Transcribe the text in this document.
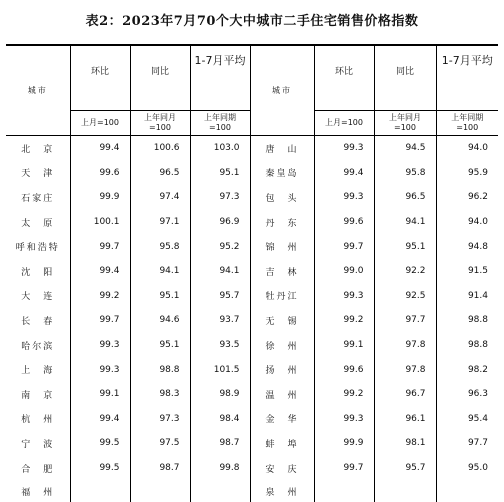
表2：2023年7月70个大中城市二手住宅销售价格指数
城市	环比	同比	1-7月平均	城市	环比	同比	1-7月平均
	上月=100	上年同月=100	上年同期=100		上月=100	上年同月=100	上年同期=100
北　京	99.4	100.6	103.0	唐　山	99.3	94.5	94.0
天　津	99.6	96.5	95.1	秦皇岛	99.4	95.8	95.9
石家庄	99.9	97.4	97.3	包　头	99.3	96.5	96.2
太　原	100.1	97.1	96.9	丹　东	99.6	94.1	94.0
呼和浩特	99.7	95.8	95.2	锦　州	99.7	95.1	94.8
沈　阳	99.4	94.1	94.1	吉　林	99.0	92.2	91.5
大　连	99.2	95.1	95.7	牡丹江	99.3	92.5	91.4
长　春	99.7	94.6	93.7	无　锡	99.2	97.7	98.8
哈尔滨	99.3	95.1	93.5	徐　州	99.1	97.8	98.8
上　海	99.3	98.8	101.5	扬　州	99.6	97.8	98.2
南　京	99.1	98.3	98.9	温　州	99.2	96.7	96.3
杭　州	99.4	97.3	98.4	金　华	99.3	96.1	95.4
宁　波	99.5	97.5	98.7	蚌　埠	99.9	98.1	97.7
合　肥	99.5	98.7	99.8	安　庆	99.7	95.7	95.0
福　州				泉　州			
